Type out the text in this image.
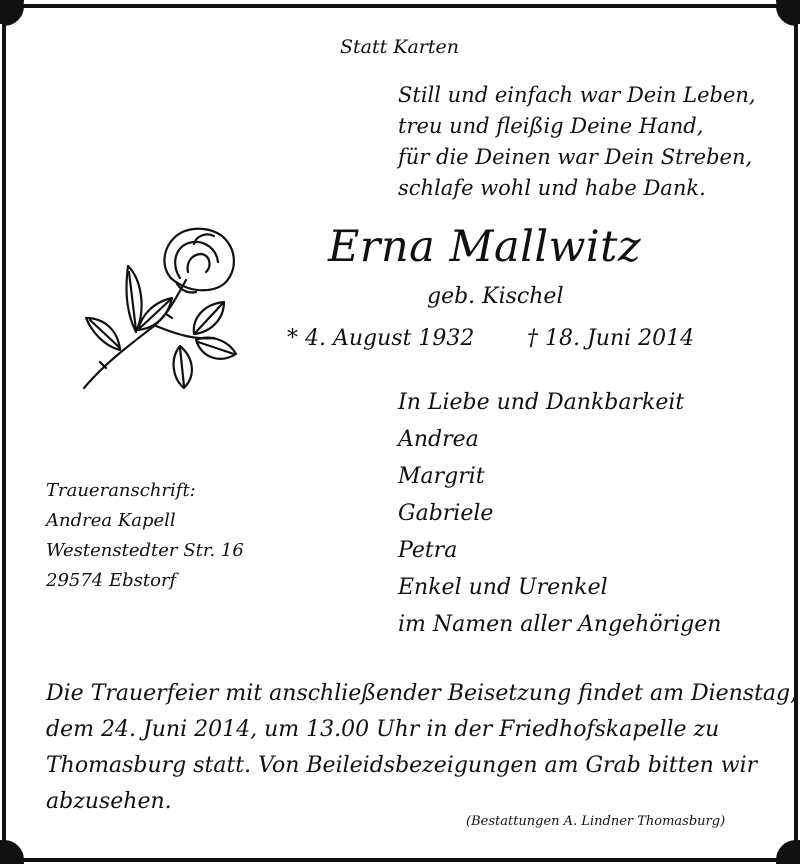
Statt Karten

Still und einfach war Dein Leben,
treu und fleißig Deine Hand,
für die Deinen war Dein Streben,
schlafe wohl und habe Dank.

Erna Mallwitz

geb. Kischel

* 4. August 1932 † 18. Juni 2014

In Liebe und Dankbarkeit
Andrea
Margrit
Gabriele
Petra
Enkel und Urenkel
im Namen aller Angehörigen
Traueranschrift:
Andrea Kapell
Westenstedter Str. 16
29574 Ebstorf
Die Trauerfeier mit anschließender Beisetzung findet am Dienstag,
dem 24. Juni 2014, um 13.00 Uhr in der Friedhofskapelle zu
Thomasburg statt. Von Beileidsbezeigungen am Grab bitten wir
abzusehen.

(Bestattungen A. Lindner Thomasburg)
